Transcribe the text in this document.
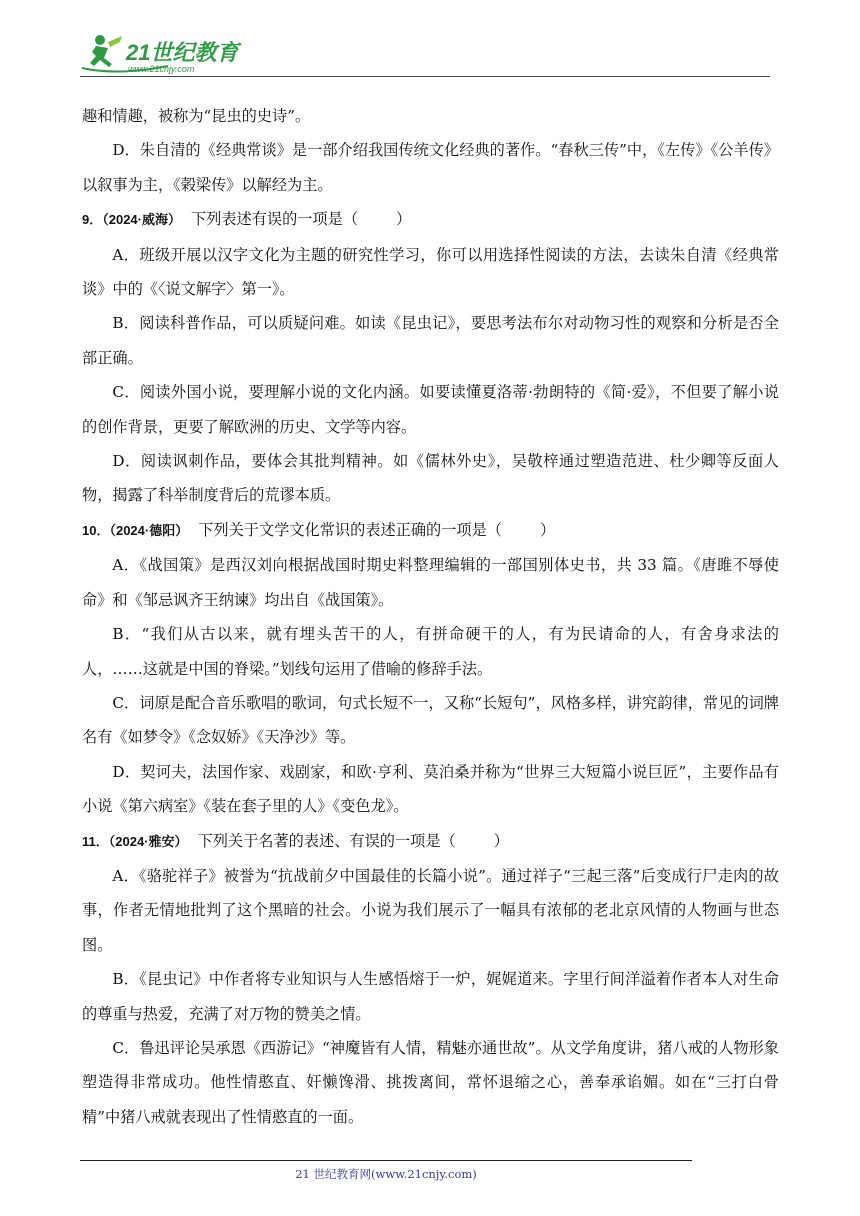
21世纪教育
www.21cnjy.com

趣和情趣，被称为“昆虫的史诗”。

D．朱自清的《经典常谈》是一部介绍我国传统文化经典的著作。“春秋三传”中，《左传》《公羊传》以叙事为主，《榖梁传》以解经为主。

9．（2024·威海） 下列表述有误的一项是（	）

A．班级开展以汉字文化为主题的研究性学习，你可以用选择性阅读的方法，去读朱自清《经典常谈》中的《〈说文解字〉第一》。

B．阅读科普作品，可以质疑问难。如读《昆虫记》，要思考法布尔对动物习性的观察和分析是否全部正确。

C．阅读外国小说，要理解小说的文化内涵。如要读懂夏洛蒂·勃朗特的《简·爱》，不但要了解小说的创作背景，更要了解欧洲的历史、文学等内容。

D．阅读讽刺作品，要体会其批判精神。如《儒林外史》，吴敬梓通过塑造范进、杜少卿等反面人物，揭露了科举制度背后的荒谬本质。

10．（2024·德阳） 下列关于文学文化常识的表述正确的一项是（	）

A．《战国策》是西汉刘向根据战国时期史料整理编辑的一部国别体史书，共 33 篇。《唐雎不辱使命》和《邹忌讽齐王纳谏》均出自《战国策》。

B．“我们从古以来，就有埋头苦干的人，有拼命硬干的人，有为民请命的人，有舍身求法的人，……这就是中国的脊梁。”划线句运用了借喻的修辞手法。

C．词原是配合音乐歌唱的歌词，句式长短不一，又称“长短句”，风格多样，讲究韵律，常见的词牌名有《如梦令》《念奴娇》《天净沙》等。

D．契诃夫，法国作家、戏剧家，和欧·亨利、莫泊桑并称为“世界三大短篇小说巨匠”，主要作品有小说《第六病室》《装在套子里的人》《变色龙》。

11．（2024·雅安） 下列关于名著的表述、有误的一项是（	）

A．《骆驼祥子》被誉为“抗战前夕中国最佳的长篇小说”。通过祥子“三起三落”后变成行尸走肉的故事，作者无情地批判了这个黑暗的社会。小说为我们展示了一幅具有浓郁的老北京风情的人物画与世态图。

B．《昆虫记》中作者将专业知识与人生感悟熔于一炉，娓娓道来。字里行间洋溢着作者本人对生命的尊重与热爱，充满了对万物的赞美之情。

C．鲁迅评论吴承恩《西游记》“神魔皆有人情，精魅亦通世故”。从文学角度讲，猪八戒的人物形象塑造得非常成功。他性情憨直、奸懒馋滑、挑拨离间，常怀退缩之心，善奉承谄媚。如在“三打白骨精”中猪八戒就表现出了性情憨直的一面。

21 世纪教育网(www.21cnjy.com)
